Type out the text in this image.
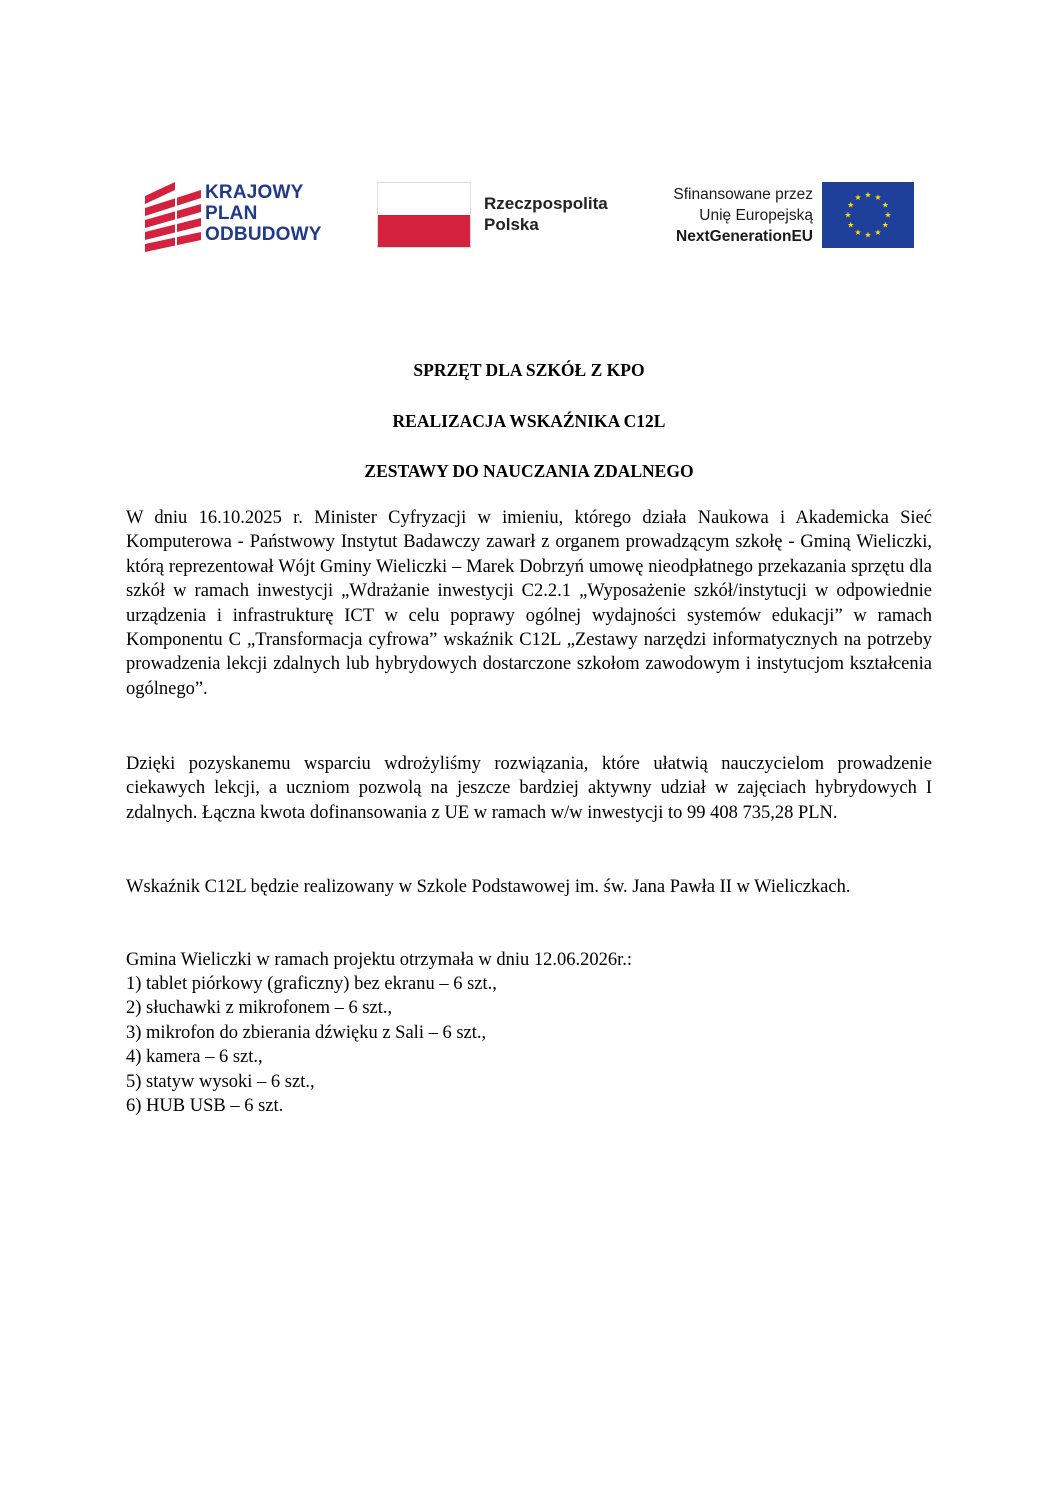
KRAJOWY
PLAN
ODBUDOWY
Rzeczpospolita
Polska
Sfinansowane przez
Unię Europejską
NextGenerationEU
★
★
★
★
★
★
★
★
★ ★ ★
★

SPRZĘT DLA SZKÓŁ Z KPO

REALIZACJA WSKAŹNIKA C12L

ZESTAWY DO NAUCZANIA ZDALNEGO

W dniu 16.10.2025 r. Minister Cyfryzacji w imieniu, którego działa Naukowa i Akademicka Sieć Komputerowa - Państwowy Instytut Badawczy zawarł z organem prowadzącym szkołę - Gminą Wieliczki, którą reprezentował Wójt Gminy Wieliczki – Marek Dobrzyń umowę nieodpłatnego przekazania sprzętu dla szkół w ramach inwestycji „Wdrażanie inwestycji C2.2.1 „Wyposażenie szkół/instytucji w odpowiednie urządzenia i infrastrukturę ICT w celu poprawy ogólnej wydajności systemów edukacji” w ramach Komponentu C „Transformacja cyfrowa” wskaźnik C12L „Zestawy narzędzi informatycznych na potrzeby prowadzenia lekcji zdalnych lub hybrydowych dostarczone szkołom zawodowym i instytucjom kształcenia ogólnego”.

Dzięki pozyskanemu wsparciu wdrożyliśmy rozwiązania, które ułatwią nauczycielom prowadzenie ciekawych lekcji, a uczniom pozwolą na jeszcze bardziej aktywny udział w zajęciach hybrydowych I zdalnych. Łączna kwota dofinansowania z UE w ramach w/w inwestycji to 99 408 735,28 PLN.

Wskaźnik C12L będzie realizowany w Szkole Podstawowej im. św. Jana Pawła II w Wieliczkach.

Gmina Wieliczki w ramach projektu otrzymała w dniu 12.06.2026r.:

1) tablet piórkowy (graficzny) bez ekranu – 6 szt.,
2) słuchawki z mikrofonem – 6 szt.,
3) mikrofon do zbierania dźwięku z Sali – 6 szt.,
4) kamera – 6 szt.,
5) statyw wysoki – 6 szt.,
6) HUB USB – 6 szt.
